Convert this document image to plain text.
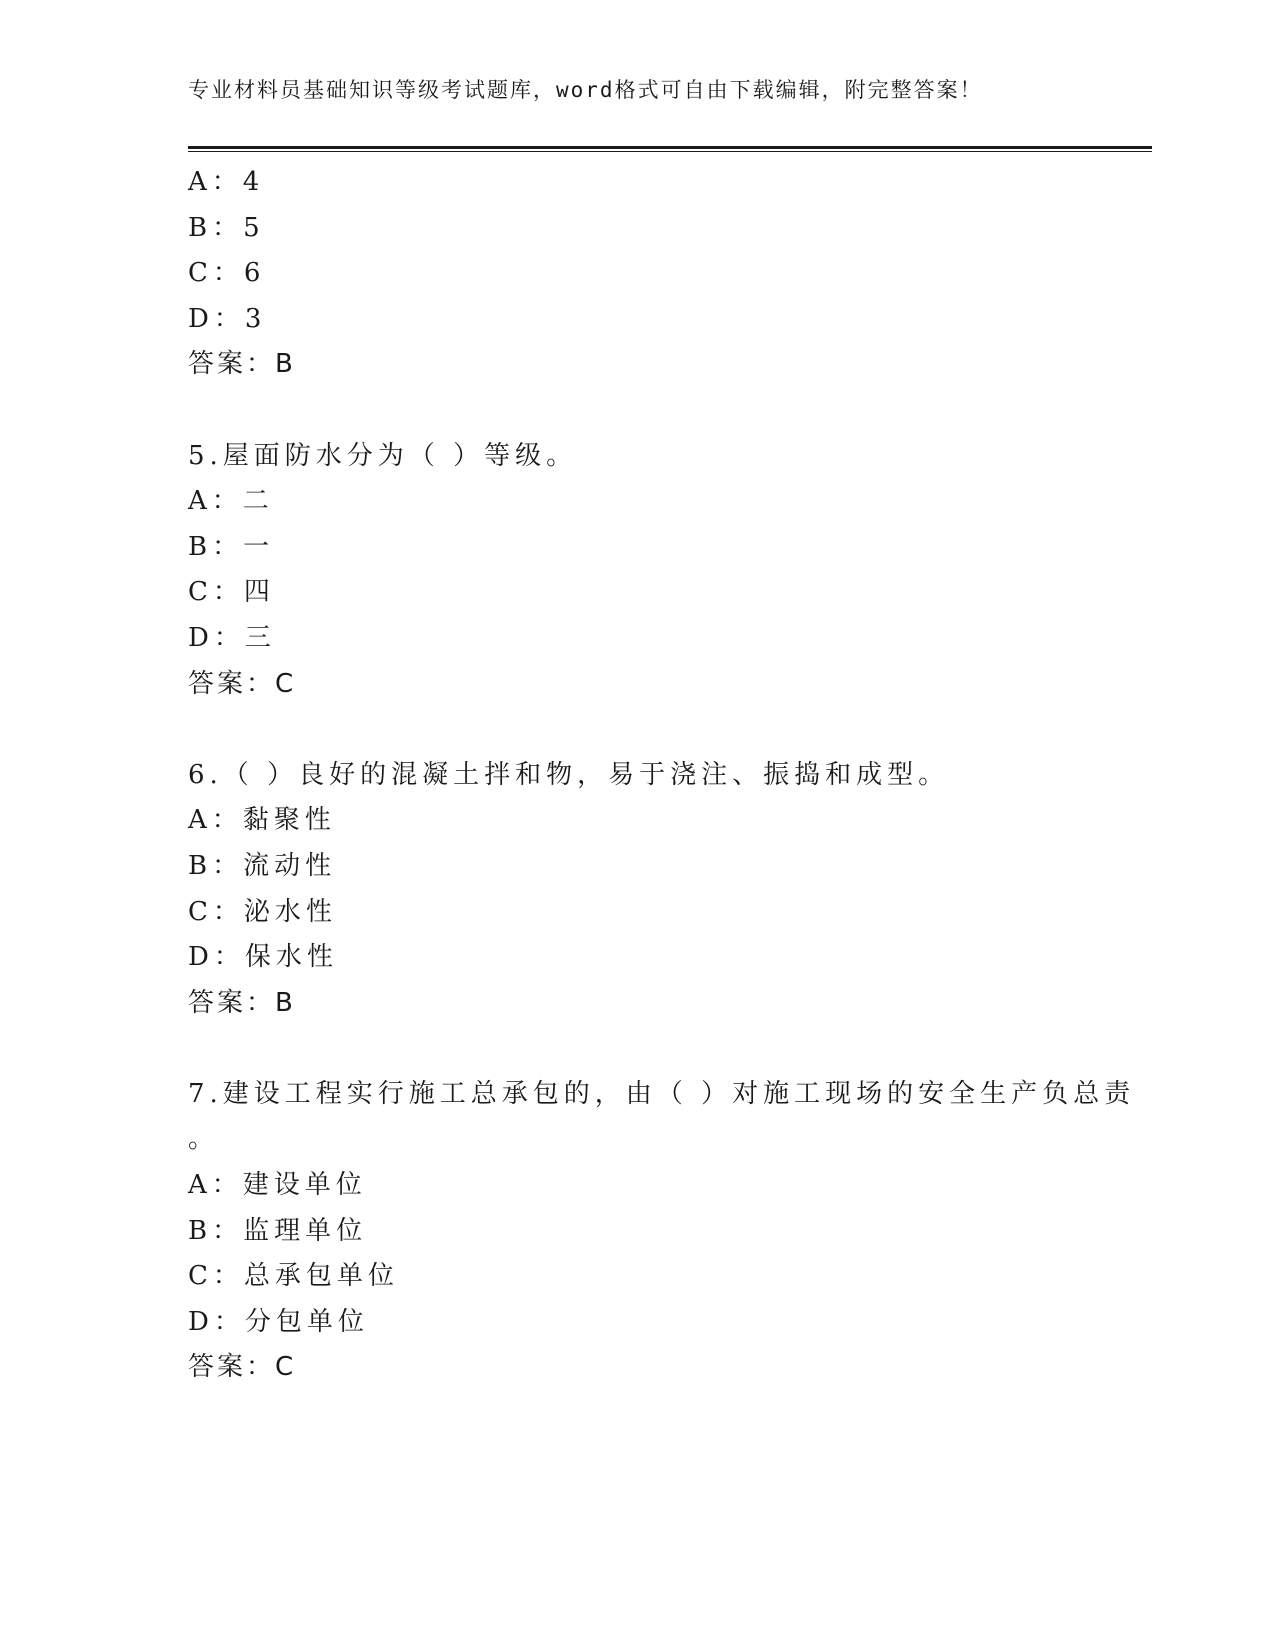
专业材料员基础知识等级考试题库，word格式可自由下载编辑，附完整答案！
A：4
B：5
C：6
D：3
答案：B
5.屋面防水分为（ ）等级。
A：二
B：一
C：四
D：三
答案：C
6.（ ）良好的混凝土拌和物，易于浇注、振捣和成型。
A：黏聚性
B：流动性
C：泌水性
D：保水性
答案：B
7.建设工程实行施工总承包的，由（ ）对施工现场的安全生产负总责
。
A：建设单位
B：监理单位
C：总承包单位
D：分包单位
答案：C
